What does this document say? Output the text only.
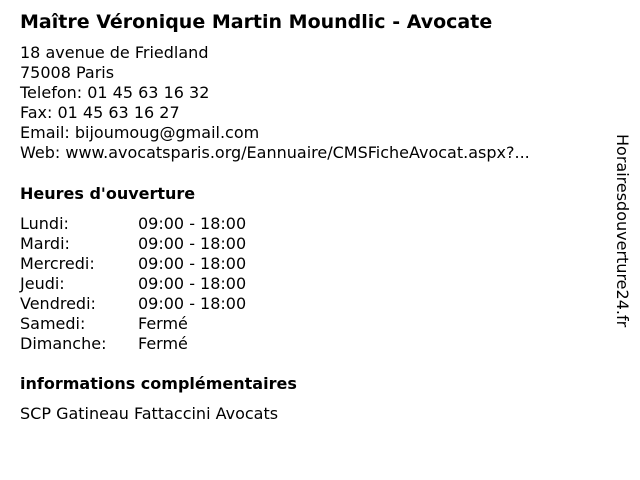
Maître Véronique Martin Moundlic - Avocate
18 avenue de Friedland
75008 Paris
Telefon: 01 45 63 16 32
Fax: 01 45 63 16 27
Email: bijoumoug@gmail.com
Web: www.avocatsparis.org/Eannuaire/CMSFicheAvocat.aspx?...
Heures d'ouverture
Lundi:	09:00 - 18:00
Mardi:	09:00 - 18:00
Mercredi:	09:00 - 18:00
Jeudi:	09:00 - 18:00
Vendredi:	09:00 - 18:00
Samedi:	Fermé
Dimanche:	Fermé
informations complémentaires
SCP Gatineau Fattaccini Avocats
Horairesdouverture24.fr
